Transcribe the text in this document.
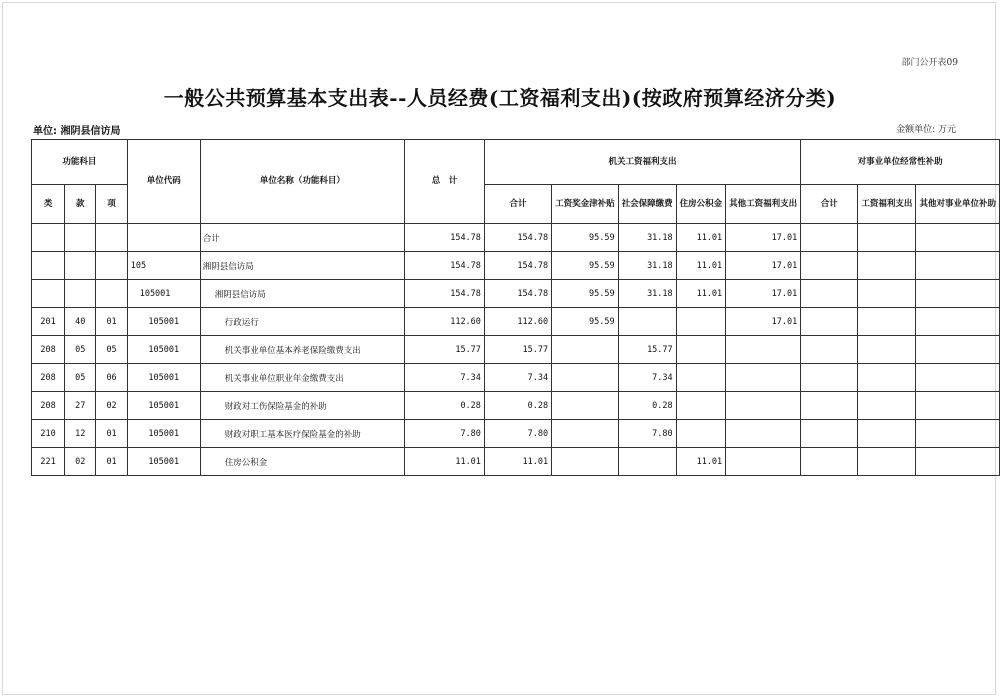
部门公开表09
一般公共预算基本支出表--人员经费(工资福利支出)(按政府预算经济分类)
单位: 湘阴县信访局	金额单位: 万元
功能科目			单位代码	单位名称（功能科目）	总　计	机关工资福利支出					对事业单位经常性补助		
类	款	项				合计	工资奖金津补贴	社会保障缴费	住房公积金	其他工资福利支出	合计	工资福利支出	其他对事业单位补助
				合计	154.78	154.78	95.59	31.18	11.01	17.01			
			105	湘阴县信访局	154.78	154.78	95.59	31.18	11.01	17.01			
			105001	湘阴县信访局	154.78	154.78	95.59	31.18	11.01	17.01			
201	40	01	105001	行政运行	112.60	112.60	95.59			17.01			
208	05	05	105001	机关事业单位基本养老保险缴费支出	15.77	15.77		15.77					
208	05	06	105001	机关事业单位职业年金缴费支出	7.34	7.34		7.34					
208	27	02	105001	财政对工伤保险基金的补助	0.28	0.28		0.28					
210	12	01	105001	财政对职工基本医疗保险基金的补助	7.80	7.80		7.80					
221	02	01	105001	住房公积金	11.01	11.01			11.01				
